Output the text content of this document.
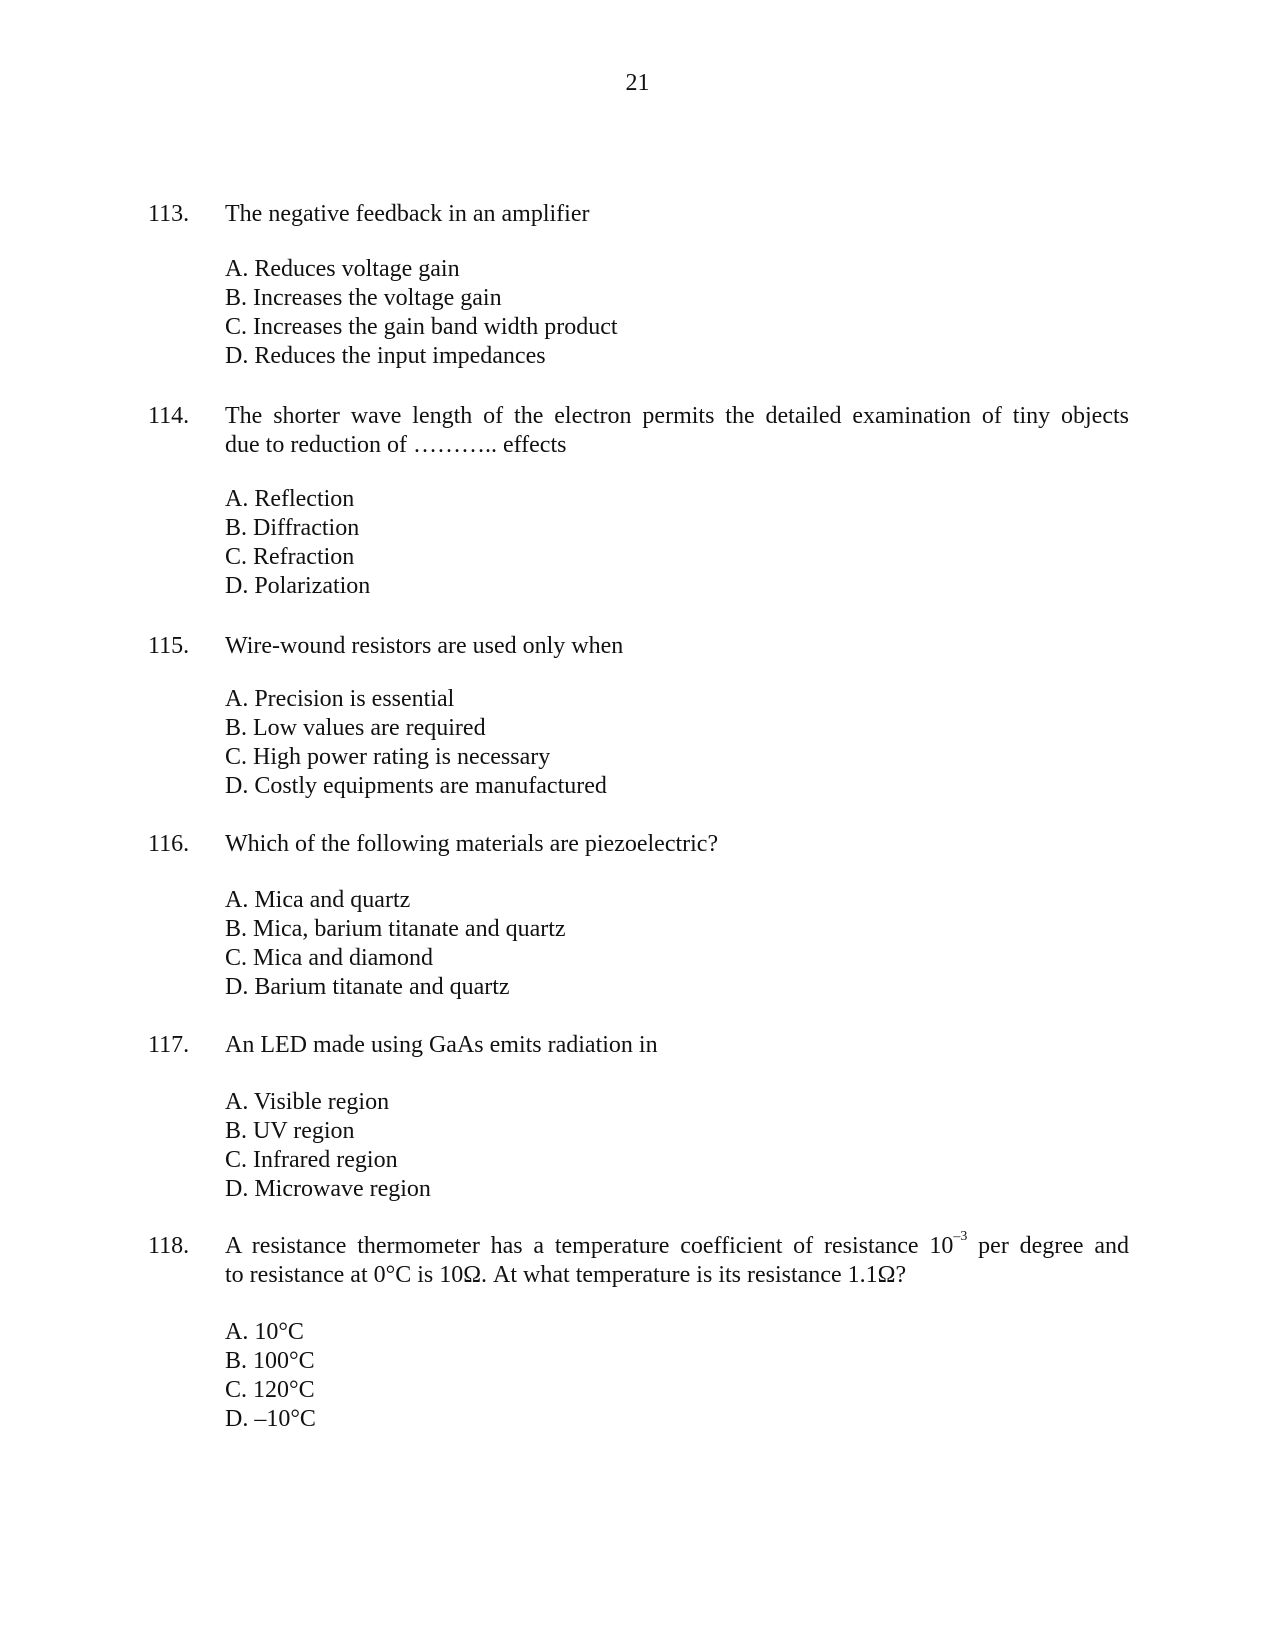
21
113. The negative feedback in an amplifier
A. Reduces voltage gain
B. Increases the voltage gain
C. Increases the gain band width product
D. Reduces the input impedances
114. The shorter wave length of the electron permits the detailed examination of tiny objects
due to reduction of ……….. effects
A. Reflection
B. Diffraction
C. Refraction
D. Polarization
115. Wire-wound resistors are used only when
A. Precision is essential
B. Low values are required
C. High power rating is necessary
D. Costly equipments are manufactured
116. Which of the following materials are piezoelectric?
A. Mica and quartz
B. Mica, barium titanate and quartz
C. Mica and diamond
D. Barium titanate and quartz
117. An LED made using GaAs emits radiation in
A. Visible region
B. UV region
C. Infrared region
D. Microwave region
118. A resistance thermometer has a temperature coefficient of resistance $10^{-3}$ per degree and
to resistance at 0°C is 10Ω. At what temperature is its resistance 1.1Ω?
A. 10°C
B. 100°C
C. 120°C
D. –10°C
